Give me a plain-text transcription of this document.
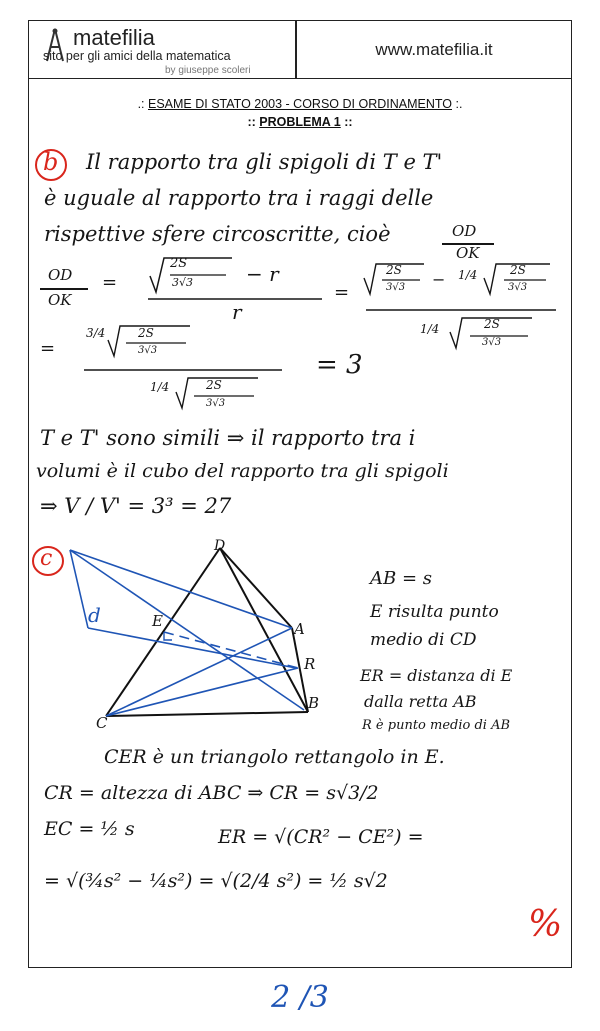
matefilia
sito per gli amici della matematica
by giuseppe scoleri
www.matefilia.it
.: ESAME DI STATO 2003 - CORSO DI ORDINAMENTO :.
:: PROBLEMA 1 ::
b Il rapporto tra gli spigoli di T e T'
è uguale al rapporto tra i raggi delle
rispettive sfere circoscritte, cioè	OD
OK
OD
OK
=
2S
3√3	− r
r
=
2S
3√3 − 1/4	2S
3√3
1/4	2S
3√3
=
3/4	2S
3√3
1/4	2S
3√3
= 3
T e T' sono simili ⇒ il rapporto tra i
volumi è il cubo del rapporto tra gli spigoli
⇒ V / V' = 3³ = 27
c	D
E	A
R
B
C
d
AB = s
E risulta punto
medio di CD
ER = distanza di E
dalla retta AB
R è punto medio di AB
CER è un triangolo rettangolo in E.
CR = altezza di ABC ⇒ CR = s√3/2
EC = ½ s	ER = √(CR² − CE²) =
= √(¾s² − ¼s²) = √(2/4 s²) = ½ s√2
%
2 /3
